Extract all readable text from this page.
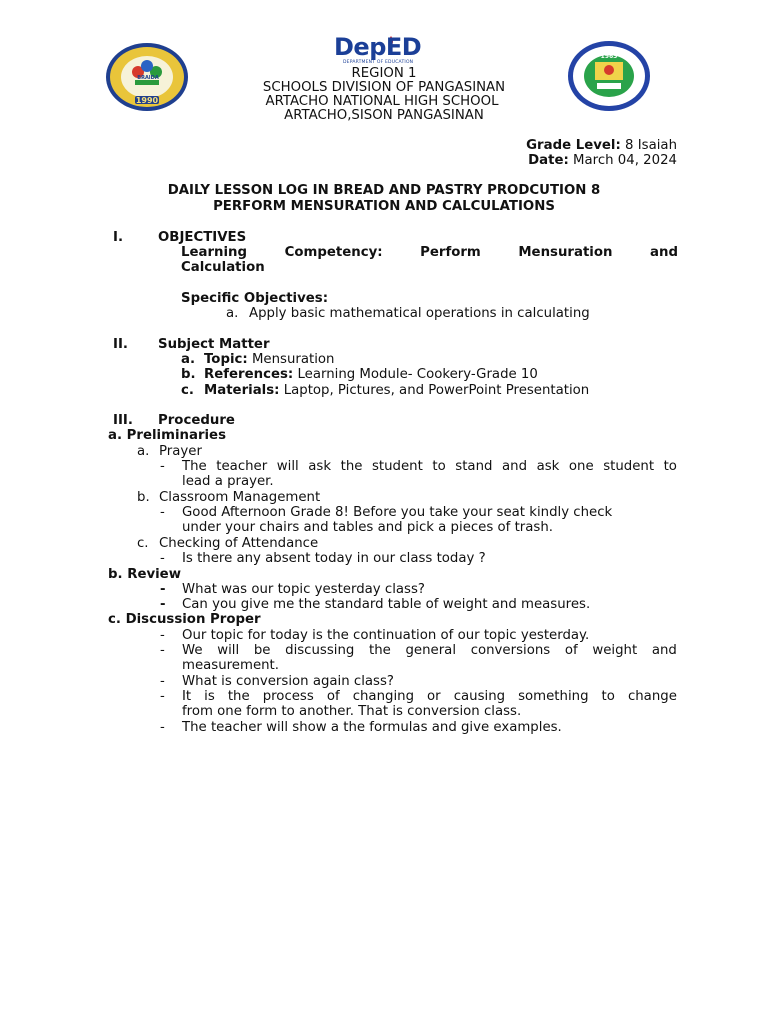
BRAIDA
1990
DepED
DEPARTMENT OF EDUCATION
1965
REGION 1
SCHOOLS DIVISION OF PANGASINAN
ARTACHO NATIONAL HIGH SCHOOL
ARTACHO,SISON PANGASINAN
Grade Level: 8 Isaiah
Date: March 04, 2024
DAILY LESSON LOG IN BREAD AND PASTRY PRODCUTION 8
PERFORM MENSURATION AND CALCULATIONS
I.	OBJECTIVES
Learning	Competency:	Perform	Mensuration	and
Calculation
Specific Objectives:
a. Apply basic mathematical operations in calculating
II. Subject Matter
a. Topic: Mensuration
b. References: Learning Module- Cookery-Grade 10
c. Materials: Laptop, Pictures, and PowerPoint Presentation
III. Procedure
a. Preliminaries
a. Prayer
- The teacher will ask the student to stand and ask one student to
lead a prayer.
b. Classroom Management
- Good Afternoon Grade 8! Before you take your seat kindly check
under your chairs and tables and pick a pieces of trash.
c. Checking of Attendance
- Is there any absent today in our class today ?
b. Review
- What was our topic yesterday class?
- Can you give me the standard table of weight and measures.
c. Discussion Proper
- Our topic for today is the continuation of our topic yesterday.
- We will be discussing the general conversions of weight and
measurement.
- What is conversion again class?
- It is the process of changing or causing something to change
from one form to another. That is conversion class.
- The teacher will show a the formulas and give examples.
